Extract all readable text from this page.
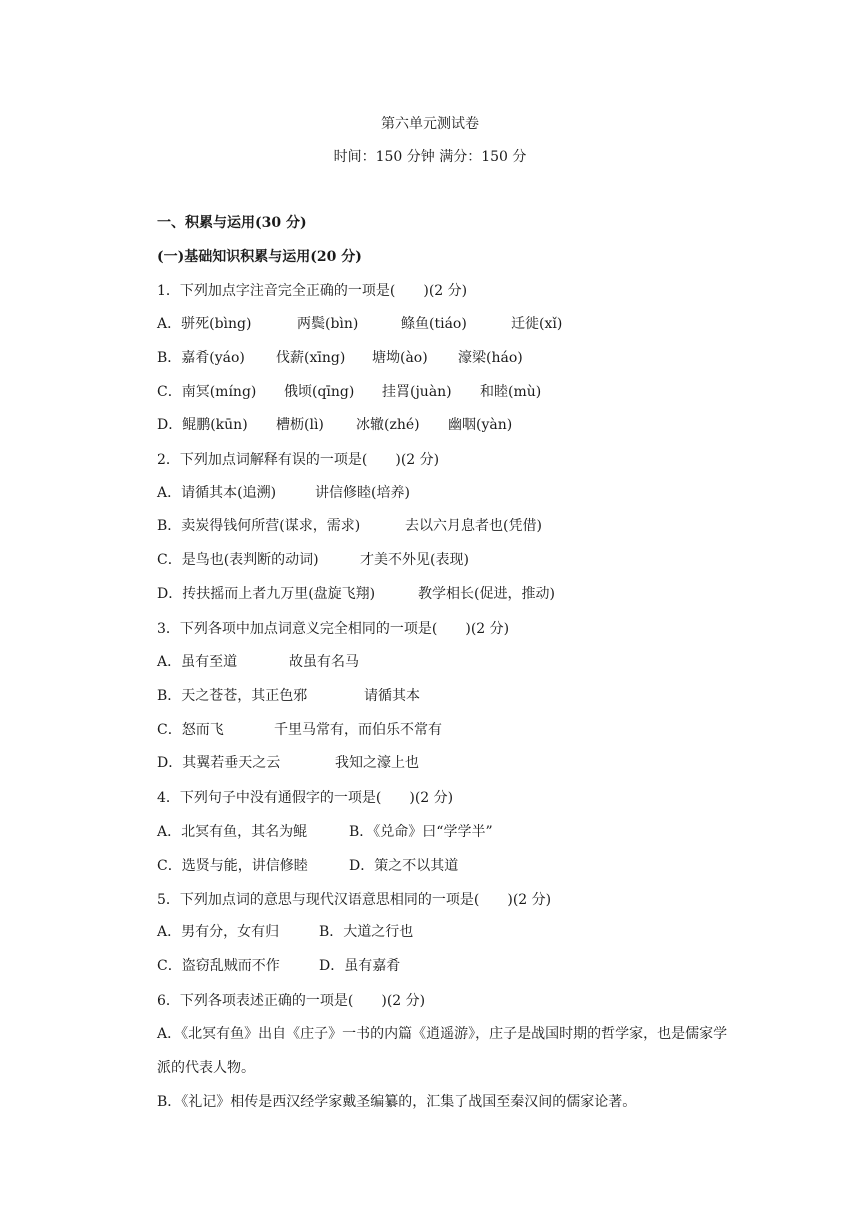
第六单元测试卷
时间：150 分钟 满分：150 分
一、积累与运用(30 分)
(一)基础知识积累与运用(20 分)
1．下列加点字注音完全正确的一项是(　　)(2 分)
A．骈死(bìng)	两鬓(bìn)	鲦鱼(tiáo)	迁徙(xǐ)
B．嘉肴(yáo) 伐薪(xīng) 塘坳(ào) 濠梁(háo)
C．南冥(míng) 俄顷(qīng) 挂罥(juàn) 和睦(mù)
D．鲲鹏(kūn) 槽枥(lì) 冰辙(zhé) 幽咽(yàn)
2．下列加点词解释有误的一项是(　　)(2 分)
A．请循其本(追溯)	讲信修睦(培养)
B．卖炭得钱何所营(谋求，需求)	去以六月息者也(凭借)
C．是鸟也(表判断的动词)	才美不外见(表现)
D．抟扶摇而上者九万里(盘旋飞翔)	教学相长(促进，推动)
3．下列各项中加点词意义完全相同的一项是(　　)(2 分)
A．虽有至道	故虽有名马
B．天之苍苍，其正色邪	请循其本
C．怒而飞	千里马常有，而伯乐不常有
D．其翼若垂天之云	我知之濠上也
4．下列句子中没有通假字的一项是(　　)(2 分)
A．北冥有鱼，其名为鲲	B．《兑命》曰“学学半”
C．选贤与能，讲信修睦	D．策之不以其道
5．下列加点词的意思与现代汉语意思相同的一项是(　　)(2 分)
A．男有分，女有归	B．大道之行也
C．盗窃乱贼而不作	D．虽有嘉肴
6．下列各项表述正确的一项是(　　)(2 分)
A．《北冥有鱼》出自《庄子》一书的内篇《逍遥游》，庄子是战国时期的哲学家，也是儒家学派的代表人物。
B．《礼记》相传是西汉经学家戴圣编纂的，汇集了战国至秦汉间的儒家论著。
